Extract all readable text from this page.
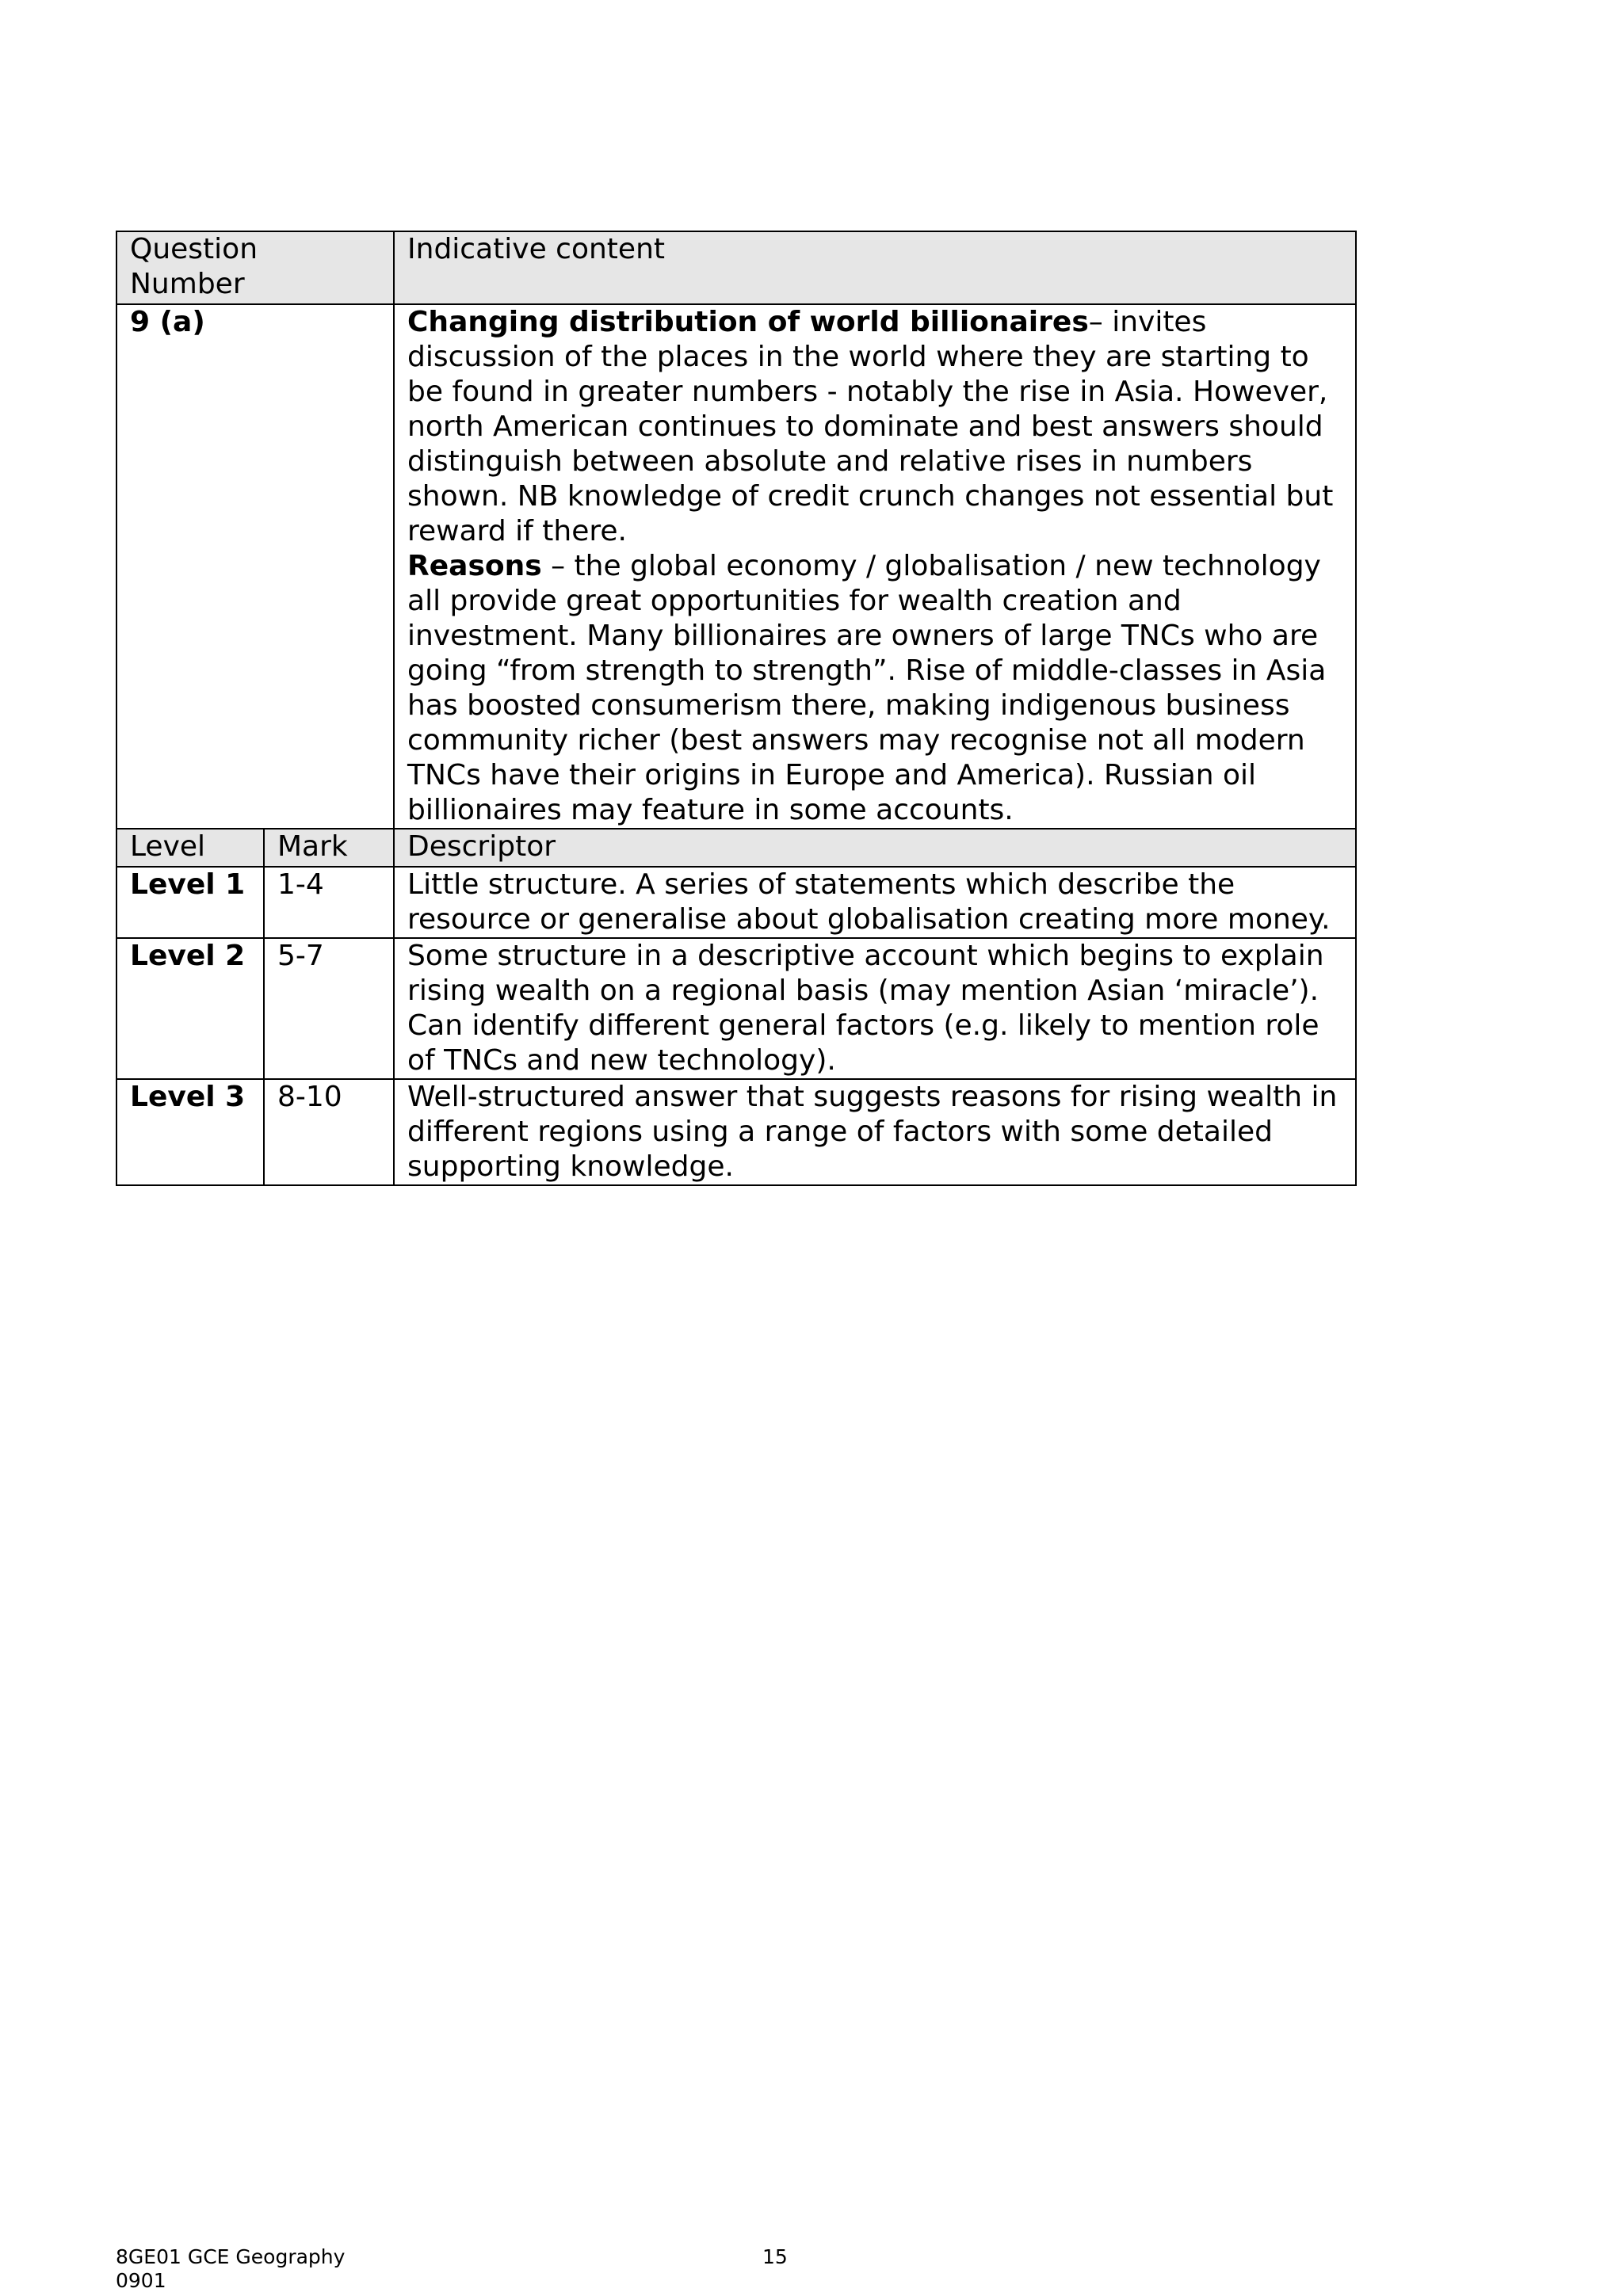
Question Number		Indicative content
9 (a)		Changing distribution of world billionaires– invites discussion of the places in the world where they are starting to be found in greater numbers - notably the rise in Asia. However, north American continues to dominate and best answers should distinguish between absolute and relative rises in numbers shown. NB knowledge of credit crunch changes not essential but reward if there.
Reasons – the global economy / globalisation / new technology all provide great opportunities for wealth creation and investment. Many billionaires are owners of large TNCs who are going “from strength to strength”. Rise of middle-classes in Asia has boosted consumerism there, making indigenous business community richer (best answers may recognise not all modern TNCs have their origins in Europe and America). Russian oil billionaires may feature in some accounts.
Level	Mark	Descriptor
Level 1	1-4	Little structure. A series of statements which describe the resource or generalise about globalisation creating more money.
Level 2	5-7	Some structure in a descriptive account which begins to explain rising wealth on a regional basis (may mention Asian ‘miracle’). Can identify different general factors (e.g. likely to mention role of TNCs and new technology).
Level 3	8-10	Well-structured answer that suggests reasons for rising wealth in different regions using a range of factors with some detailed supporting knowledge.
8GE01 GCE Geography
0901
15
